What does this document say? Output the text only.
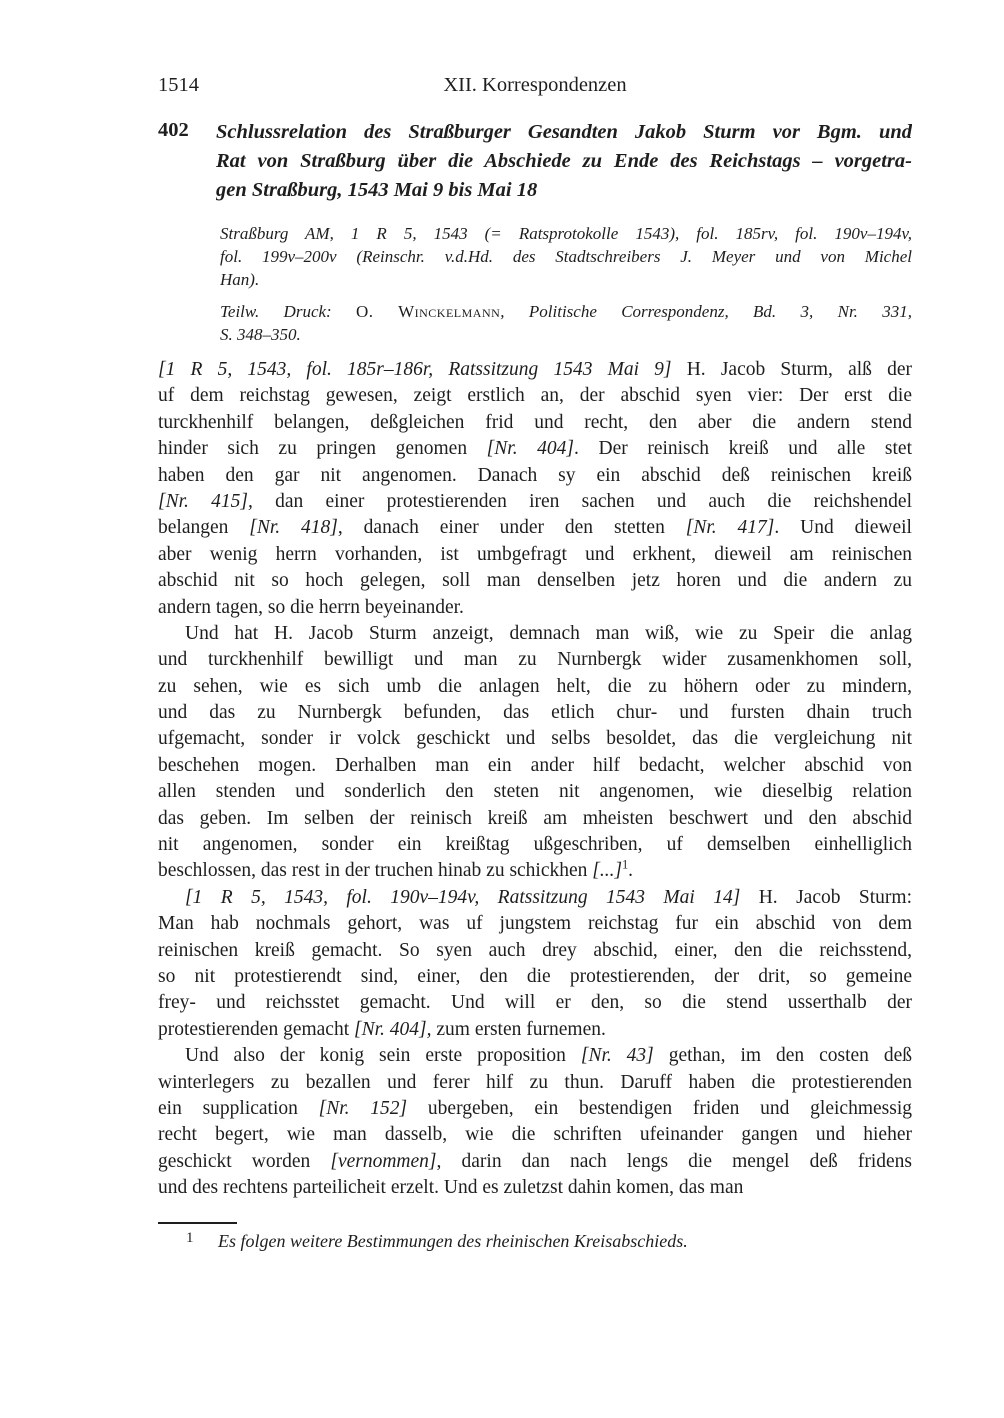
1514	XII. Korrespondenzen
402 Schlussrelation des Straßburger Gesandten Jakob Sturm vor Bgm. und
Rat von Straßburg über die Abschiede zu Ende des Reichstags – vorgetra-
gen Straßburg, 1543 Mai 9 bis Mai 18
Straßburg AM, 1 R 5, 1543 (= Ratsprotokolle 1543), fol. 185rv, fol. 190v–194v,
fol. 199v–200v (Reinschr. v.d.Hd. des Stadtschreibers J. Meyer und von Michel
Han).
Teilw. Druck: O. Winckelmann, Politische Correspondenz, Bd. 3, Nr. 331,
S. 348–350.
[1 R 5, 1543, fol. 185r–186r, Ratssitzung 1543 Mai 9] H. Jacob Sturm, alß der
uf dem reichstag gewesen, zeigt erstlich an, der abschid syen vier: Der erst die
turckhenhilf belangen, deßgleichen frid und recht, den aber die andern stend
hinder sich zu pringen genomen [Nr. 404]. Der reinisch kreiß und alle stet
haben den gar nit angenomen. Danach sy ein abschid deß reinischen kreiß
[Nr. 415], dan einer protestierenden iren sachen und auch die reichshendel
belangen [Nr. 418], danach einer under den stetten [Nr. 417]. Und dieweil
aber wenig herrn vorhanden, ist umbgefragt und erkhent, dieweil am reinischen
abschid nit so hoch gelegen, soll man denselben jetz horen und die andern zu
andern tagen, so die herrn beyeinander.
Und hat H. Jacob Sturm anzeigt, demnach man wiß, wie zu Speir die anlag
und turckhenhilf bewilligt und man zu Nurnbergk wider zusamenkhomen soll,
zu sehen, wie es sich umb die anlagen helt, die zu höhern oder zu mindern,
und das zu Nurnbergk befunden, das etlich chur- und fursten dhain truch
ufgemacht, sonder ir volck geschickt und selbs besoldet, das die vergleichung nit
beschehen mogen. Derhalben man ein ander hilf bedacht, welcher abschid von
allen stenden und sonderlich den steten nit angenomen, wie dieselbig relation
das geben. Im selben der reinisch kreiß am mheisten beschwert und den abschid
nit angenomen, sonder ein kreißtag ußgeschriben, uf demselben einhelliglich
beschlossen, das rest in der truchen hinab zu schickhen [...]$^1$.
[1 R 5, 1543, fol. 190v–194v, Ratssitzung 1543 Mai 14] H. Jacob Sturm:
Man hab nochmals gehort, was uf jungstem reichstag fur ein abschid von dem
reinischen kreiß gemacht. So syen auch drey abschid, einer, den die reichsstend,
so nit protestierendt sind, einer, den die protestierenden, der drit, so gemeine
frey- und reichsstet gemacht. Und will er den, so die stend usserthalb der
protestierenden gemacht [Nr. 404], zum ersten furnemen.
Und also der konig sein erste proposition [Nr. 43] gethan, im den costen deß
winterlegers zu bezallen und ferer hilf zu thun. Daruff haben die protestierenden
ein supplication [Nr. 152] ubergeben, ein bestendigen friden und gleichmessig
recht begert, wie man dasselb, wie die schriften ufeinander gangen und hieher
geschickt worden [vernommen], darin dan nach lengs die mengel deß fridens
und des rechtens parteilicheit erzelt. Und es zuletzst dahin komen, das man
1 Es folgen weitere Bestimmungen des rheinischen Kreisabschieds.
